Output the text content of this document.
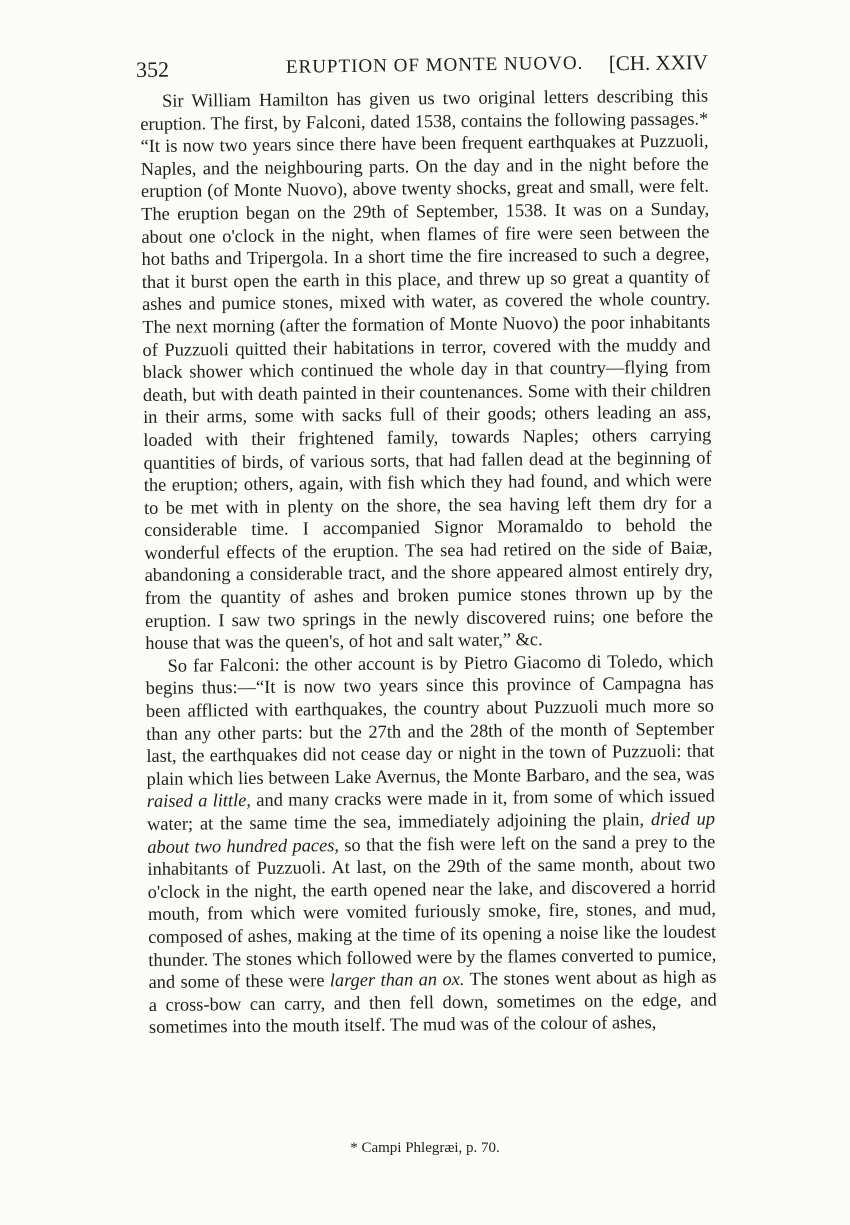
352	ERUPTION OF MONTE NUOVO. [CH. XXIV

Sir William Hamilton has given us two original letters describing this eruption. The first, by Falconi, dated 1538, contains the following passages.* “It is now two years since there have been frequent earthquakes at Puzzuoli, Naples, and the neighbouring parts. On the day and in the night before the eruption (of Monte Nuovo), above twenty shocks, great and small, were felt. The eruption began on the 29th of September, 1538. It was on a Sunday, about one o'clock in the night, when flames of fire were seen between the hot baths and Tripergola. In a short time the fire increased to such a degree, that it burst open the earth in this place, and threw up so great a quantity of ashes and pumice stones, mixed with water, as covered the whole country. The next morning (after the formation of Monte Nuovo) the poor inhabitants of Puzzuoli quitted their habitations in terror, covered with the muddy and black shower which continued the whole day in that country—flying from death, but with death painted in their countenances. Some with their children in their arms, some with sacks full of their goods; others leading an ass, loaded with their frightened family, towards Naples; others carrying quantities of birds, of various sorts, that had fallen dead at the beginning of the eruption; others, again, with fish which they had found, and which were to be met with in plenty on the shore, the sea having left them dry for a considerable time. I accompanied Signor Moramaldo to behold the wonderful effects of the eruption. The sea had retired on the side of Baiæ, abandoning a considerable tract, and the shore appeared almost entirely dry, from the quantity of ashes and broken pumice stones thrown up by the eruption. I saw two springs in the newly discovered ruins; one before the house that was the queen's, of hot and salt water,” &c.

So far Falconi: the other account is by Pietro Giacomo di Toledo, which begins thus:—“It is now two years since this province of Campagna has been afflicted with earthquakes, the country about Puzzuoli much more so than any other parts: but the 27th and the 28th of the month of September last, the earthquakes did not cease day or night in the town of Puzzuoli: that plain which lies between Lake Avernus, the Monte Barbaro, and the sea, was raised a little, and many cracks were made in it, from some of which issued water; at the same time the sea, immediately adjoining the plain, dried up about two hundred paces, so that the fish were left on the sand a prey to the inhabitants of Puzzuoli. At last, on the 29th of the same month, about two o'clock in the night, the earth opened near the lake, and discovered a horrid mouth, from which were vomited furiously smoke, fire, stones, and mud, composed of ashes, making at the time of its opening a noise like the loudest thunder. The stones which followed were by the flames converted to pumice, and some of these were larger than an ox. The stones went about as high as a cross-bow can carry, and then fell down, sometimes on the edge, and sometimes into the mouth itself. The mud was of the colour of ashes,

* Campi Phlegræi, p. 70.
